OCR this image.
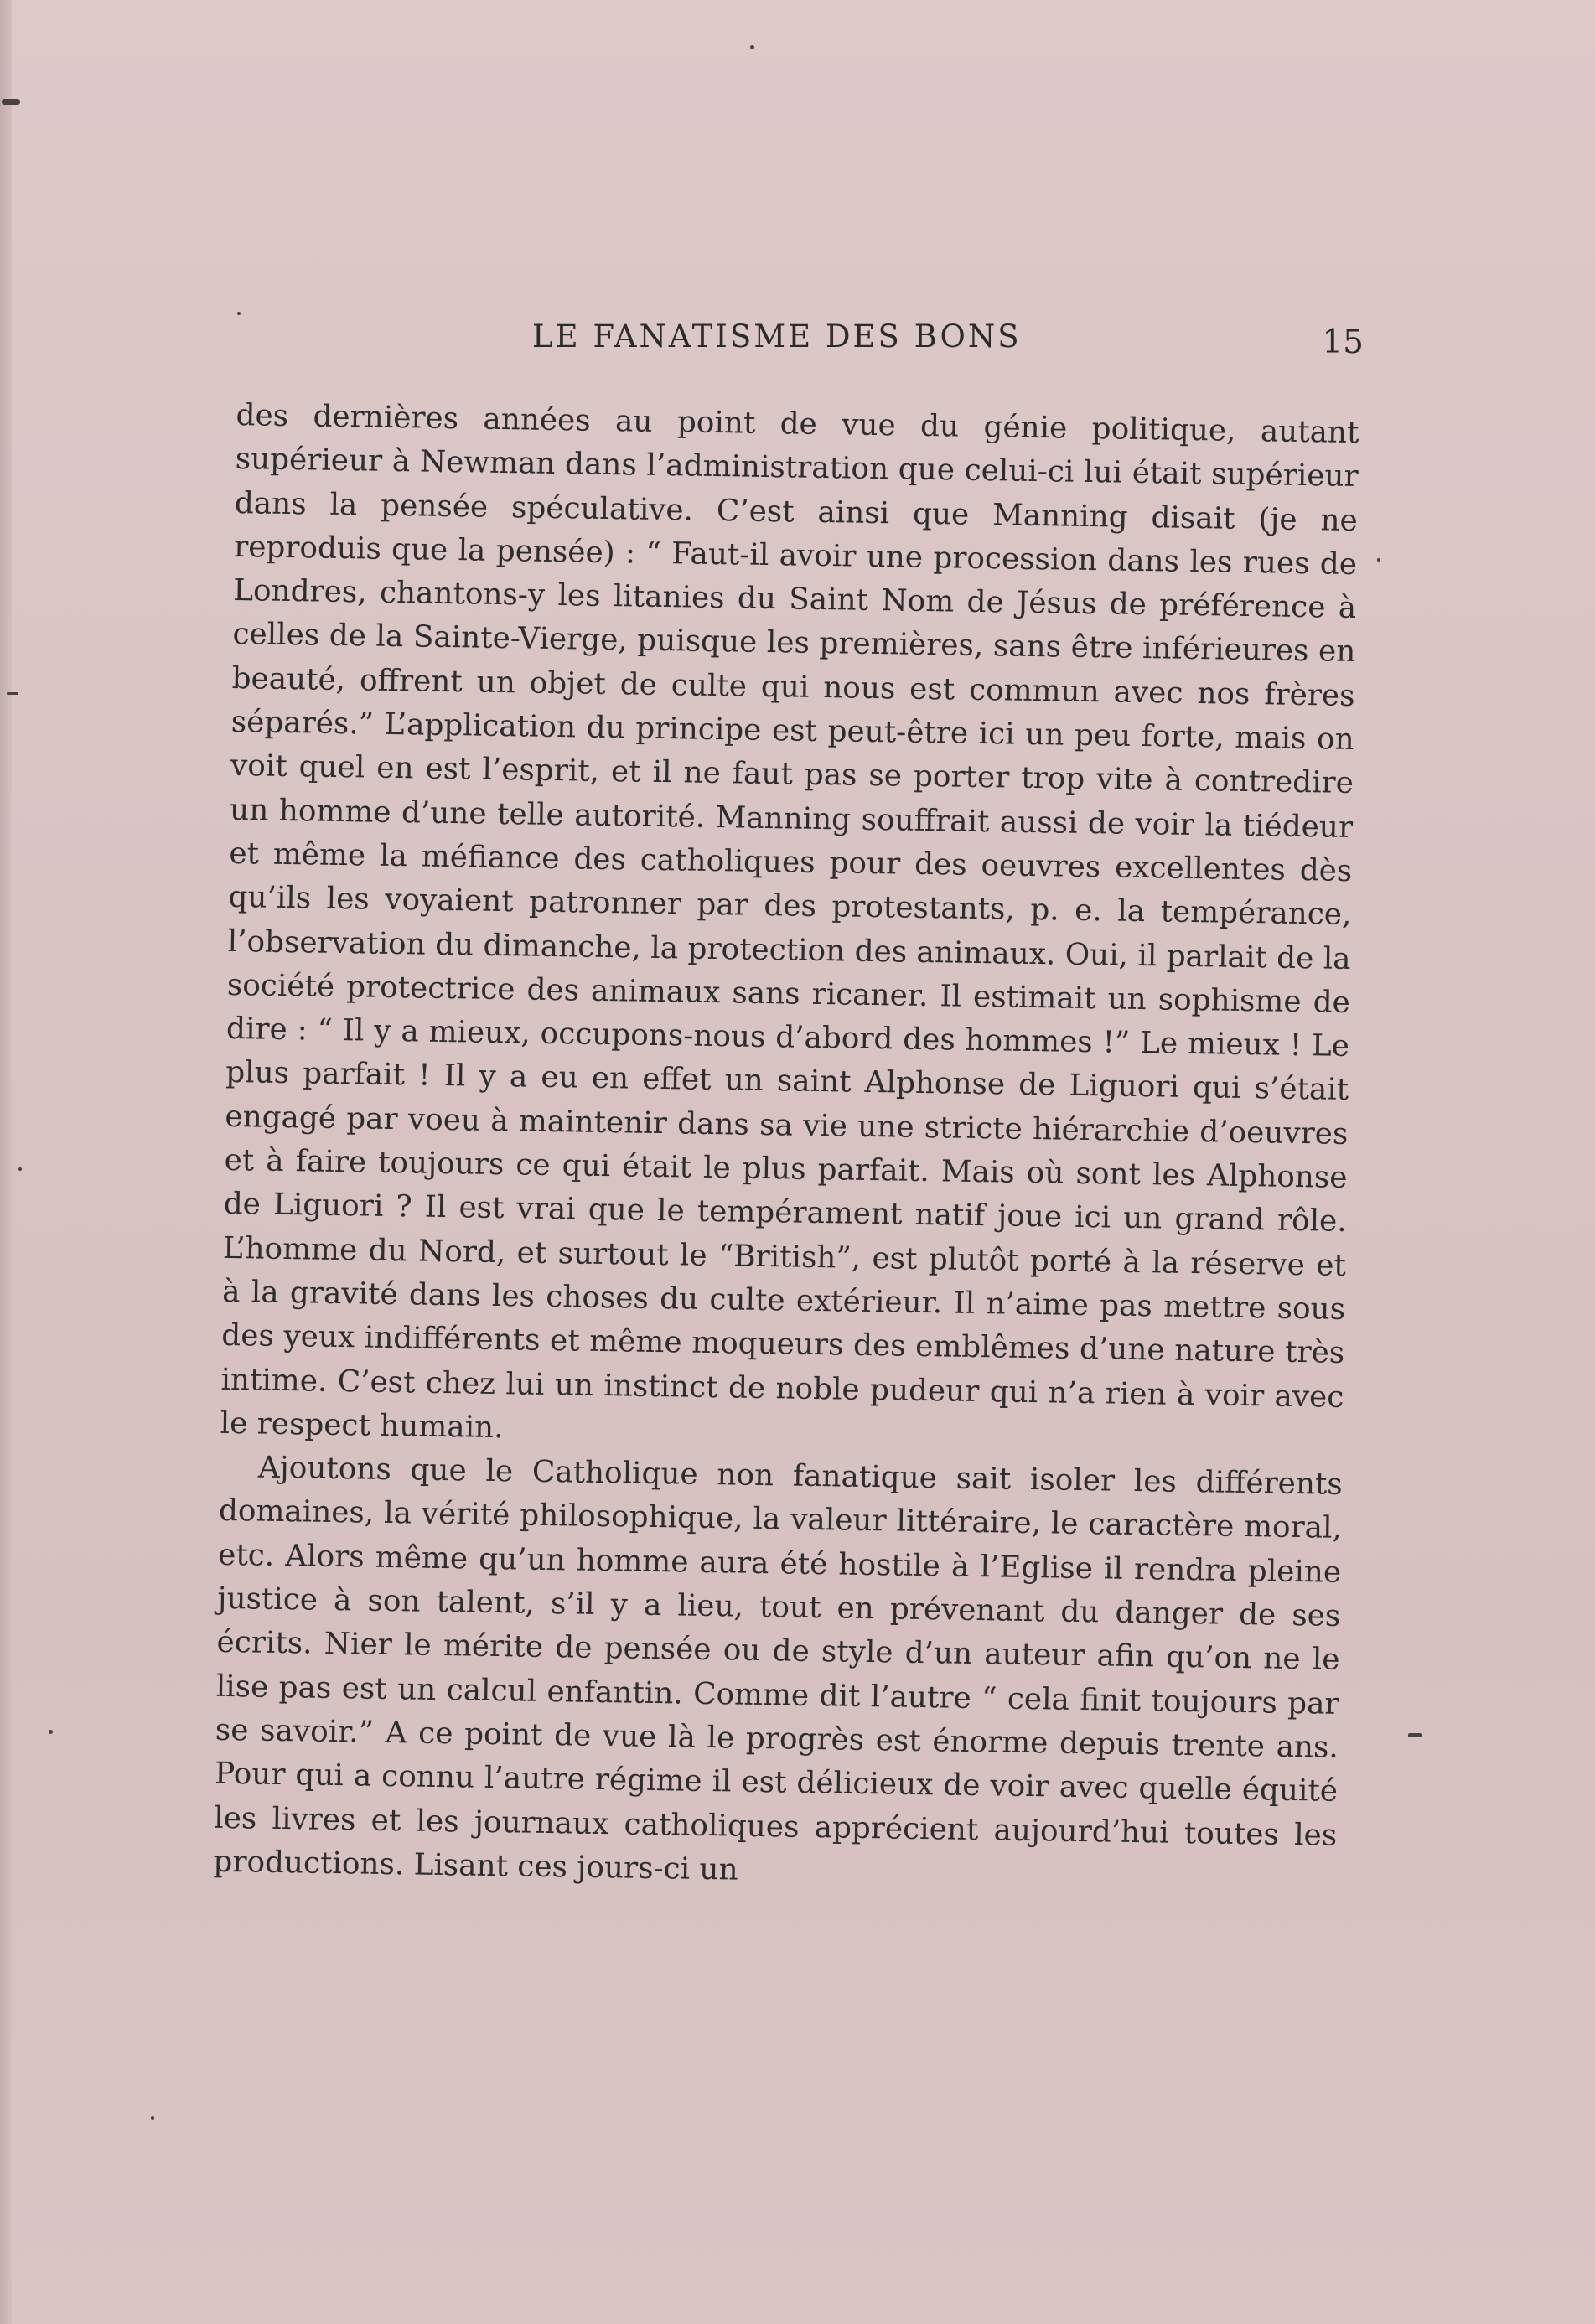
LE FANATISME DES BONS	15

des dernières années au point de vue du génie politique, autant supérieur à Newman dans l’administration que celui-ci lui était supérieur dans la pensée spéculative. C’est ainsi que Manning disait (je ne reproduis que la pensée) : “ Faut-il avoir une procession dans les rues de Londres, chantons-y les litanies du Saint Nom de Jésus de préférence à celles de la Sainte-Vierge, puisque les premières, sans être inférieures en beauté, offrent un objet de culte qui nous est commun avec nos frères séparés.” L’application du principe est peut-être ici un peu forte, mais on voit quel en est l’esprit, et il ne faut pas se porter trop vite à contredire un homme d’une telle autorité. Manning souffrait aussi de voir la tiédeur et même la méfiance des catholiques pour des oeuvres excellentes dès qu’ils les voyaient patronner par des protestants, p. e. la tempérance, l’observation du dimanche, la protection des animaux. Oui, il parlait de la société protectrice des animaux sans ricaner. Il estimait un sophisme de dire : “ Il y a mieux, occupons-nous d’abord des hommes !” Le mieux ! Le plus parfait ! Il y a eu en effet un saint Alphonse de Liguori qui s’était engagé par voeu à maintenir dans sa vie une stricte hiérarchie d’oeuvres et à faire toujours ce qui était le plus parfait. Mais où sont les Alphonse de Liguori ? Il est vrai que le tempérament natif joue ici un grand rôle. L’homme du Nord, et surtout le “British”, est plutôt porté à la réserve et à la gravité dans les choses du culte extérieur. Il n’aime pas mettre sous des yeux indifférents et même moqueurs des emblêmes d’une nature très intime. C’est chez lui un instinct de noble pudeur qui n’a rien à voir avec le respect humain.

Ajoutons que le Catholique non fanatique sait isoler les différents domaines, la vérité philosophique, la valeur littéraire, le caractère moral, etc. Alors même qu’un homme aura été hostile à l’Eglise il rendra pleine justice à son talent, s’il y a lieu, tout en prévenant du danger de ses écrits. Nier le mérite de pensée ou de style d’un auteur afin qu’on ne le lise pas est un calcul enfantin. Comme dit l’autre “ cela finit toujours par se savoir.” A ce point de vue là le progrès est énorme depuis trente ans. Pour qui a connu l’autre régime il est délicieux de voir avec quelle équité les livres et les journaux catholiques apprécient aujourd’hui toutes les productions. Lisant ces jours-ci un
